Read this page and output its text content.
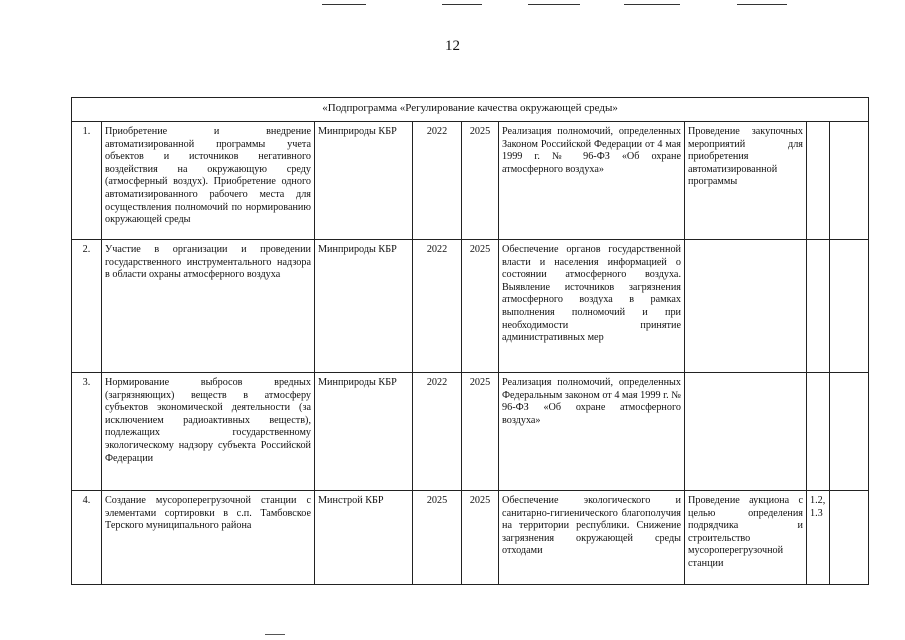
12
«Подпрограмма «Регулирование качества окружающей среды»								
1.	Приобретение и внедрение автоматизированной программы учета объектов и источников негативного воздействия на окружающую среду (атмосферный воздух). Приобретение одного автоматизированного рабочего места для осуществления полномочий по нормированию окружающей среды	Минприроды КБР	2022	2025	Реализация полномочий, определенных Законом Российской Федерации от 4 мая 1999 г. № 96-ФЗ «Об охране атмосферного воздуха»	Проведение закупочных мероприятий для приобретения автоматизированной программы		
2.	Участие в организации и проведении государственного инструментального надзора в области охраны атмосферного воздуха	Минприроды КБР	2022	2025	Обеспечение органов государственной власти и населения информацией о состоянии атмосферного воздуха. Выявление источников загрязнения атмосферного воздуха в рамках выполнения полномочий и при необходимости принятие административных мер			
3.	Нормирование выбросов вредных (загрязняющих) веществ в атмосферу субъектов экономической деятельности (за исключением радиоактивных веществ), подлежащих государственному экологическому надзору субъекта Российской Федерации	Минприроды КБР	2022	2025	Реализация полномочий, определенных Федеральным законом от 4 мая 1999 г. № 96-ФЗ «Об охране атмосферного воздуха»			
4.	Создание мусороперегрузочной станции с элементами сортировки в с.п. Тамбовское Терского муниципального района	Минстрой КБР	2025	2025	Обеспечение экологического и санитарно-гигиенического благополучия на территории республики. Снижение загрязнения окружающей среды отходами	Проведение аукциона с целью определения подрядчика и строительство мусороперегрузочной станции	1.2, 1.3	
